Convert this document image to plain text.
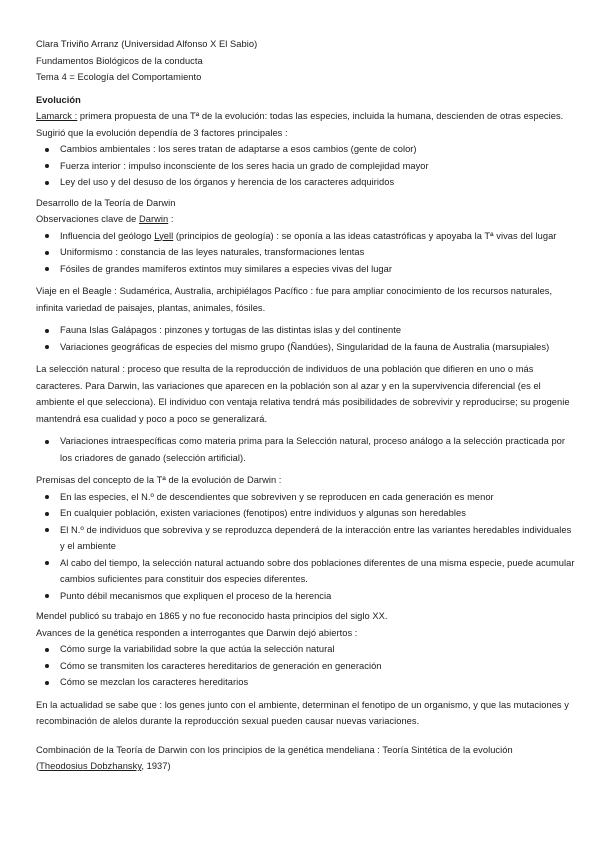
Clara Triviño Arranz (Universidad Alfonso X El Sabio)

Fundamentos Biológicos de la conducta

Tema 4 = Ecología del Comportamiento

Evolución

Lamarck : primera propuesta de una Tª de la evolución: todas las especies, incluida la humana, descienden de otras especies. Sugirió que la evolución dependía de 3 factores principales :

Cambios ambientales : los seres tratan de adaptarse a esos cambios (gente de color)
Fuerza interior : impulso inconsciente de los seres hacia un grado de complejidad mayor
Ley del uso y del desuso de los órganos y herencia de los caracteres adquiridos

Desarrollo de la Teoría de Darwin

Observaciones clave de Darwin :

Influencia del geólogo Lyell (principios de geología) : se oponía a las ideas catastróficas y apoyaba la Tª vivas del lugar
Uniformismo : constancia de las leyes naturales, transformaciones lentas
Fósiles de grandes mamíferos extintos muy similares a especies vivas del lugar

Viaje en el Beagle : Sudamérica, Australia, archipiélagos Pacífico : fue para ampliar conocimiento de los recursos naturales, infinita variedad de paisajes, plantas, animales, fósiles.

Fauna Islas Galápagos : pinzones y tortugas de las distintas islas y del continente
Variaciones geográficas de especies del mismo grupo (Ñandúes), Singularidad de la fauna de Australia (marsupiales)

La selección natural : proceso que resulta de la reproducción de individuos de una población que difieren en uno o más caracteres. Para Darwin, las variaciones que aparecen en la población son al azar y en la supervivencia diferencial (es el ambiente el que selecciona). El individuo con ventaja relativa tendrá más posibilidades de sobrevivir y reproducirse; su progenie mantendrá esa cualidad y poco a poco se generalizará.

Variaciones intraespecíficas como materia prima para la Selección natural, proceso análogo a la selección practicada por los criadores de ganado (selección artificial).

Premisas del concepto de la Tª de la evolución de Darwin :

En las especies, el N.º de descendientes que sobreviven y se reproducen en cada generación es menor
En cualquier población, existen variaciones (fenotipos) entre individuos y algunas son heredables
El N.º de individuos que sobreviva y se reproduzca dependerá de la interacción entre las variantes heredables individuales y el ambiente
Al cabo del tiempo, la selección natural actuando sobre dos poblaciones diferentes de una misma especie, puede acumular cambios suficientes para constituir dos especies diferentes.
Punto débil mecanismos que expliquen el proceso de la herencia

Mendel publicó su trabajo en 1865 y no fue reconocido hasta principios del siglo XX.

Avances de la genética responden a interrogantes que Darwin dejó abiertos :

Cómo surge la variabilidad sobre la que actúa la selección natural
Cómo se transmiten los caracteres hereditarios de generación en generación
Cómo se mezclan los caracteres hereditarios

En la actualidad se sabe que : los genes junto con el ambiente, determinan el fenotipo de un organismo, y que las mutaciones y recombinación de alelos durante la reproducción sexual pueden causar nuevas variaciones.

Combinación de la Teoría de Darwin con los principios de la genética mendeliana : Teoría Sintética de la evolución

(Theodosius Dobzhansky, 1937)
